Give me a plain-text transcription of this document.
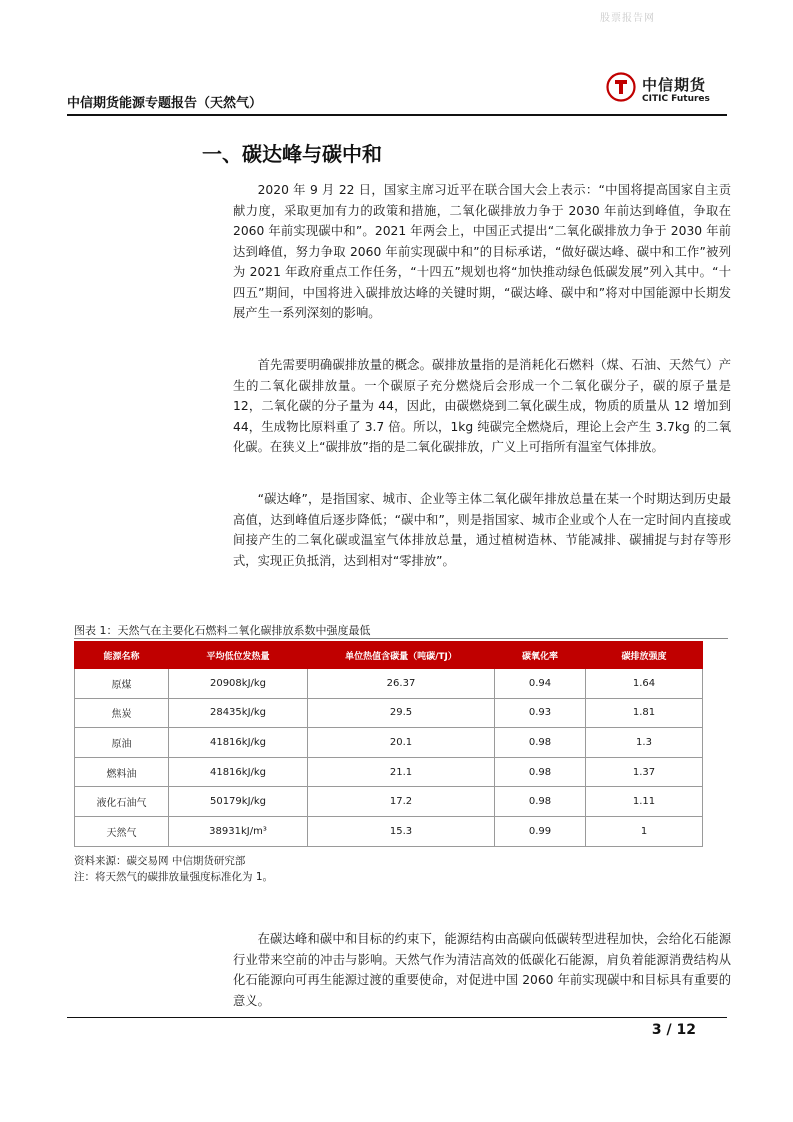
股票报告网
中信期货
CITIC Futures
中信期货能源专题报告（天然气）
一、碳达峰与碳中和

2020 年 9 月 22 日，国家主席习近平在联合国大会上表示：“中国将提高国家自主贡献力度，采取更加有力的政策和措施，二氧化碳排放力争于 2030 年前达到峰值，争取在 2060 年前实现碳中和”。2021 年两会上，中国正式提出“二氧化碳排放力争于 2030 年前达到峰值，努力争取 2060 年前实现碳中和”的目标承诺，“做好碳达峰、碳中和工作”被列为 2021 年政府重点工作任务，“十四五”规划也将“加快推动绿色低碳发展”列入其中。“十四五”期间，中国将进入碳排放达峰的关键时期，“碳达峰、碳中和”将对中国能源中长期发展产生一系列深刻的影响。

首先需要明确碳排放量的概念。碳排放量指的是消耗化石燃料（煤、石油、天然气）产生的二氧化碳排放量。一个碳原子充分燃烧后会形成一个二氧化碳分子，碳的原子量是 12，二氧化碳的分子量为 44，因此，由碳燃烧到二氧化碳生成，物质的质量从 12 增加到 44，生成物比原料重了 3.7 倍。所以，1kg 纯碳完全燃烧后，理论上会产生 3.7kg 的二氧化碳。在狭义上“碳排放”指的是二氧化碳排放，广义上可指所有温室气体排放。

“碳达峰”，是指国家、城市、企业等主体二氧化碳年排放总量在某一个时期达到历史最高值，达到峰值后逐步降低；“碳中和”，则是指国家、城市企业或个人在一定时间内直接或间接产生的二氧化碳或温室气体排放总量，通过植树造林、节能减排、碳捕捉与封存等形式，实现正负抵消，达到相对“零排放”。

图表 1：天然气在主要化石燃料二氧化碳排放系数中强度最低
能源名称	平均低位发热量	单位热值含碳量（吨碳/TJ）	碳氧化率	碳排放强度
原煤	20908kJ/kg	26.37	0.94	1.64
焦炭	28435kJ/kg	29.5	0.93	1.81
原油	41816kJ/kg	20.1	0.98	1.3
燃料油	41816kJ/kg	21.1	0.98	1.37
液化石油气	50179kJ/kg	17.2	0.98	1.11
天然气	38931kJ/m³	15.3	0.99	1
资料来源：碳交易网 中信期货研究部
注：将天然气的碳排放量强度标准化为 1。

在碳达峰和碳中和目标的约束下，能源结构由高碳向低碳转型进程加快，会给化石能源行业带来空前的冲击与影响。天然气作为清洁高效的低碳化石能源，肩负着能源消费结构从化石能源向可再生能源过渡的重要使命，对促进中国 2060 年前实现碳中和目标具有重要的意义。

3 / 12
